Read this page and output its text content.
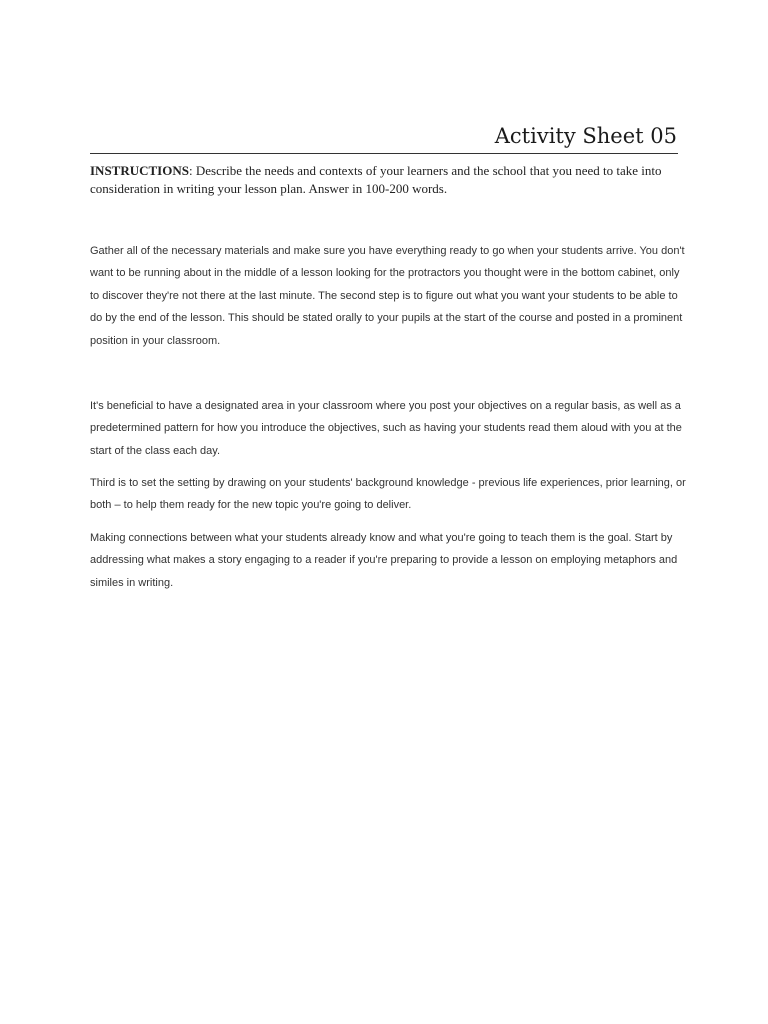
Activity Sheet 05

INSTRUCTIONS: Describe the needs and contexts of your learners and the school that you need to take into consideration in writing your lesson plan. Answer in 100-200 words.

Gather all of the necessary materials and make sure you have everything ready to go when your students arrive. You don't want to be running about in the middle of a lesson looking for the protractors you thought were in the bottom cabinet, only to discover they're not there at the last minute. The second step is to figure out what you want your students to be able to do by the end of the lesson. This should be stated orally to your pupils at the start of the course and posted in a prominent position in your classroom.

It's beneficial to have a designated area in your classroom where you post your objectives on a regular basis, as well as a predetermined pattern for how you introduce the objectives, such as having your students read them aloud with you at the start of the class each day.

Third is to set the setting by drawing on your students' background knowledge - previous life experiences, prior learning, or both – to help them ready for the new topic you're going to deliver.

Making connections between what your students already know and what you're going to teach them is the goal. Start by addressing what makes a story engaging to a reader if you're preparing to provide a lesson on employing metaphors and similes in writing.
